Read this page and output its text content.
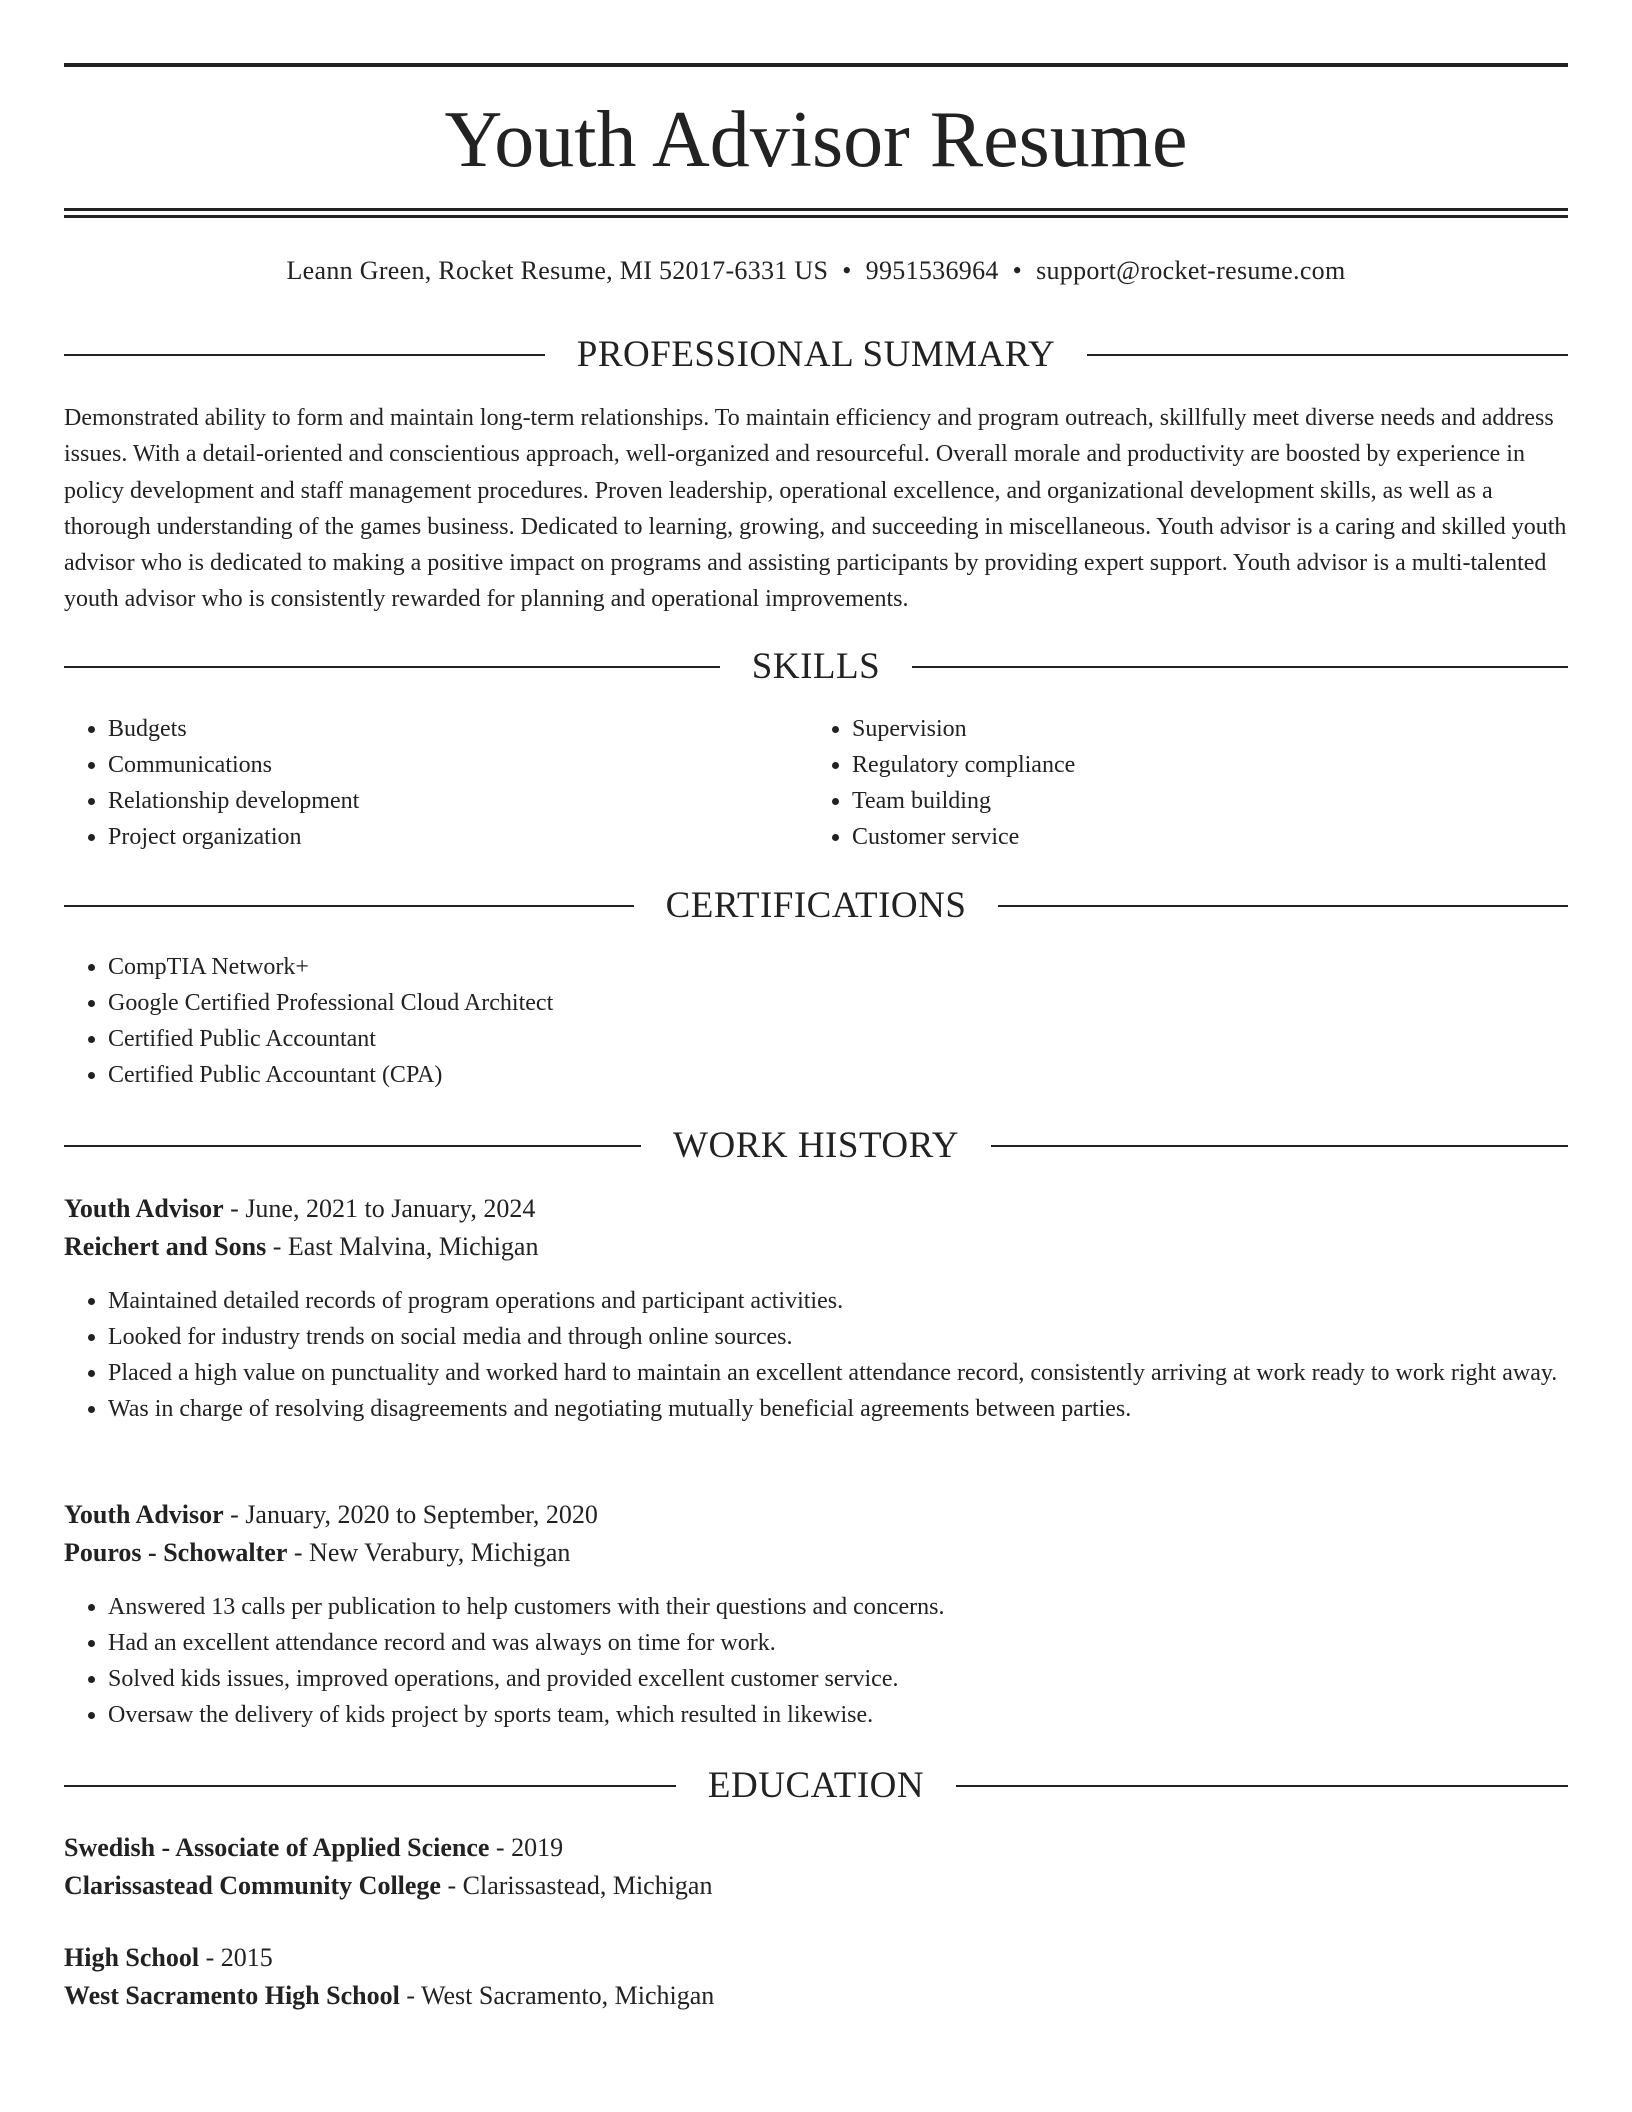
Youth Advisor Resume
Leann Green, Rocket Resume, MI 52017-6331 US • 9951536964 • support@rocket-resume.com
PROFESSIONAL SUMMARY

Demonstrated ability to form and maintain long-term relationships. To maintain efficiency and program outreach, skillfully meet diverse needs and address issues. With a detail-oriented and conscientious approach, well-organized and resourceful. Overall morale and productivity are boosted by experience in policy development and staff management procedures. Proven leadership, operational excellence, and organizational development skills, as well as a thorough understanding of the games business. Dedicated to learning, growing, and succeeding in miscellaneous. Youth advisor is a caring and skilled youth advisor who is dedicated to making a positive impact on programs and assisting participants by providing expert support. Youth advisor is a multi-talented youth advisor who is consistently rewarded for planning and operational improvements.

SKILLS
• Budgets
• Communications
• Relationship development
• Project organization
• Supervision
• Regulatory compliance
• Team building
• Customer service
CERTIFICATIONS
• CompTIA Network+
• Google Certified Professional Cloud Architect
• Certified Public Accountant
• Certified Public Accountant (CPA)
WORK HISTORY
Youth Advisor - June, 2021 to January, 2024
Reichert and Sons - East Malvina, Michigan
• Maintained detailed records of program operations and participant activities.
• Looked for industry trends on social media and through online sources.
• Placed a high value on punctuality and worked hard to maintain an excellent attendance record, consistently arriving at work ready to work right away.
• Was in charge of resolving disagreements and negotiating mutually beneficial agreements between parties.
Youth Advisor - January, 2020 to September, 2020
Pouros - Schowalter - New Verabury, Michigan
• Answered 13 calls per publication to help customers with their questions and concerns.
• Had an excellent attendance record and was always on time for work.
• Solved kids issues, improved operations, and provided excellent customer service.
• Oversaw the delivery of kids project by sports team, which resulted in likewise.
EDUCATION
Swedish - Associate of Applied Science - 2019
Clarissastead Community College - Clarissastead, Michigan
High School - 2015
West Sacramento High School - West Sacramento, Michigan
